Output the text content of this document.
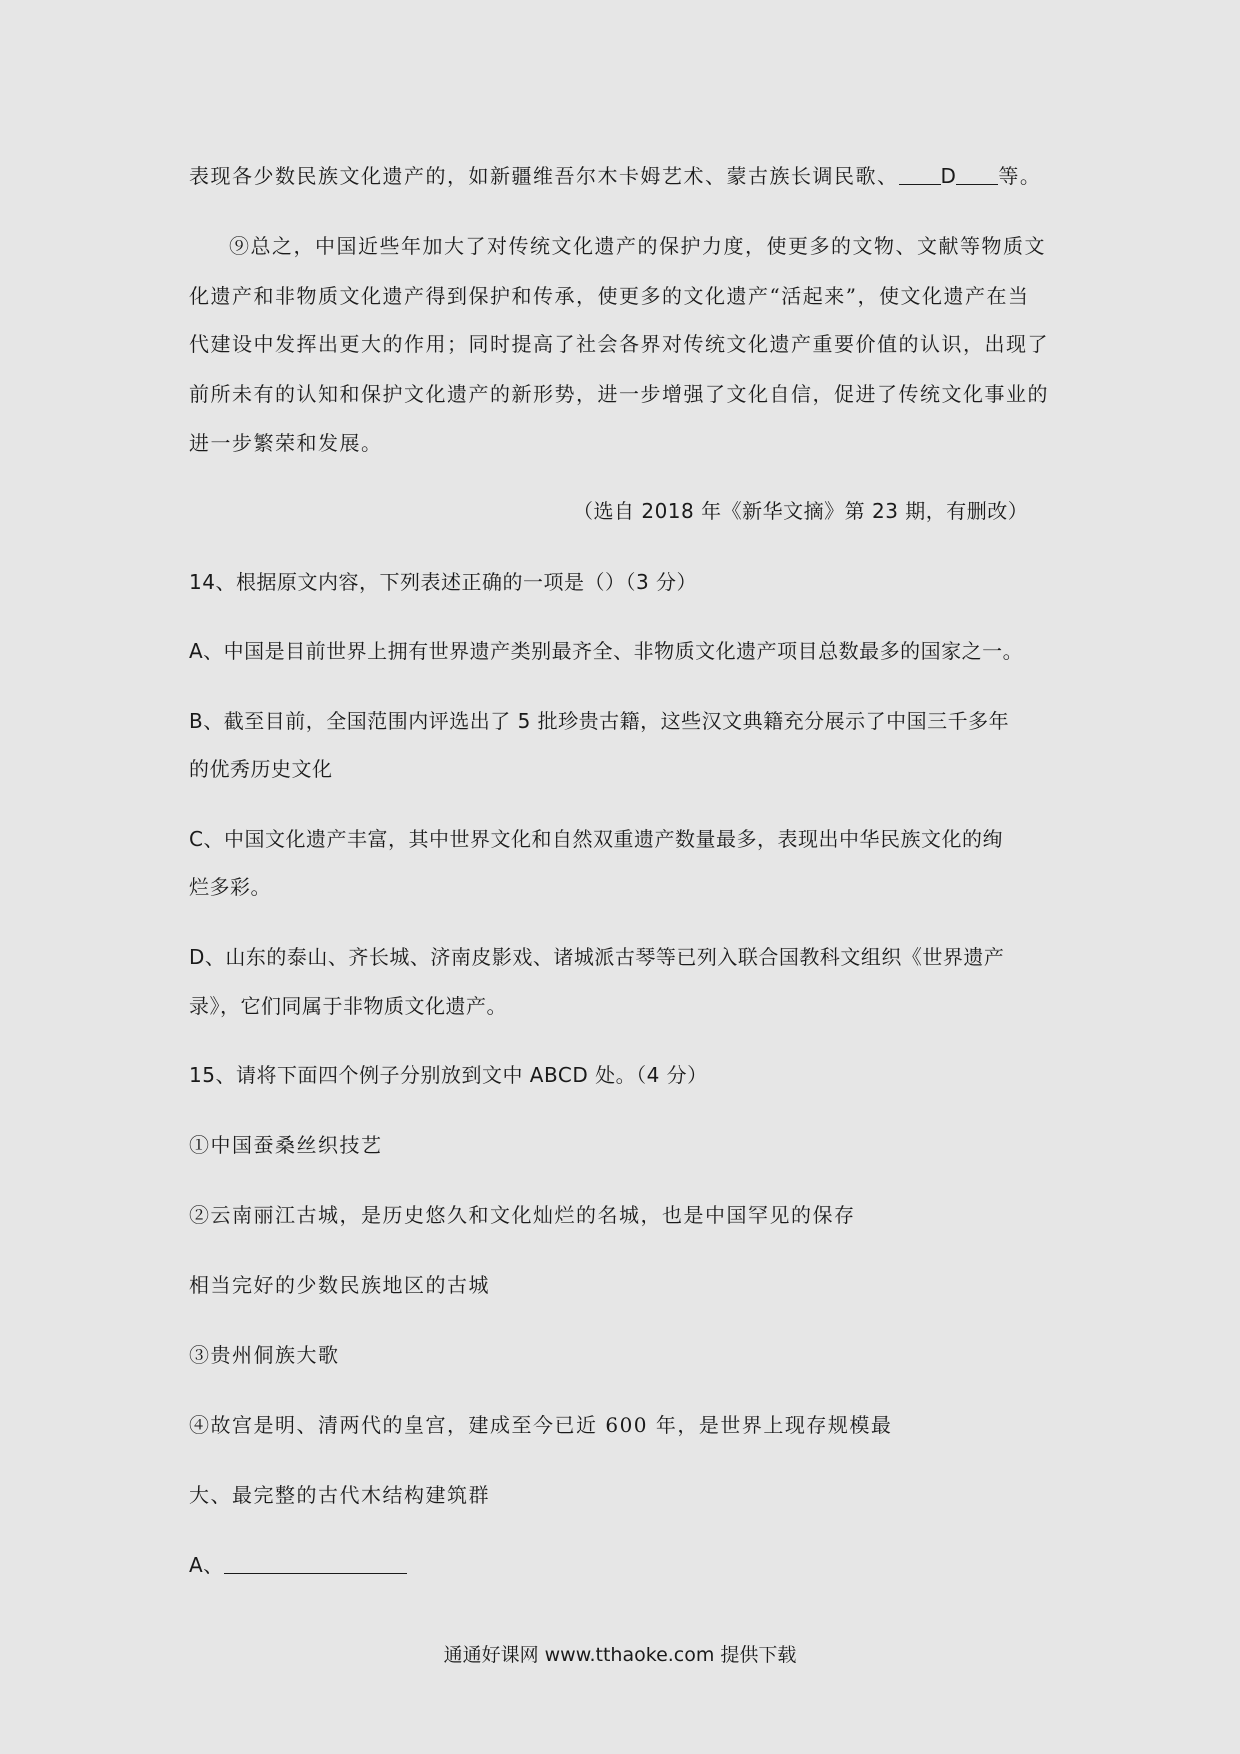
表现各少数民族文化遗产的，如新疆维吾尔木卡姆艺术、蒙古族长调民歌、 D 等。
⑨总之，中国近些年加大了对传统文化遗产的保护力度，使更多的文物、文献等物质文
化遗产和非物质文化遗产得到保护和传承，使更多的文化遗产“活起来”，使文化遗产在当
代建设中发挥出更大的作用；同时提高了社会各界对传统文化遗产重要价值的认识，出现了
前所未有的认知和保护文化遗产的新形势，进一步增强了文化自信，促进了传统文化事业的
进一步繁荣和发展。
（选自 2018 年《新华文摘》第 23 期，有删改）
14、根据原文内容，下列表述正确的一项是（）（3 分）
A、中国是目前世界上拥有世界遗产类别最齐全、非物质文化遗产项目总数最多的国家之一。
B、截至目前，全国范围内评选出了 5 批珍贵古籍，这些汉文典籍充分展示了中国三千多年
的优秀历史文化
C、中国文化遗产丰富，其中世界文化和自然双重遗产数量最多，表现出中华民族文化的绚
烂多彩。
D、山东的泰山、齐长城、济南皮影戏、诸城派古琴等已列入联合国教科文组织《世界遗产
录》，它们同属于非物质文化遗产。
15、请将下面四个例子分别放到文中 ABCD 处。（4 分）
①中国蚕桑丝织技艺
②云南丽江古城，是历史悠久和文化灿烂的名城，也是中国罕见的保存
相当完好的少数民族地区的古城
③贵州侗族大歌
④故宫是明、清两代的皇宫，建成至今已近 600 年，是世界上现存规模最
大、最完整的古代木结构建筑群
A、
通通好课网 www.tthaoke.com 提供下载
